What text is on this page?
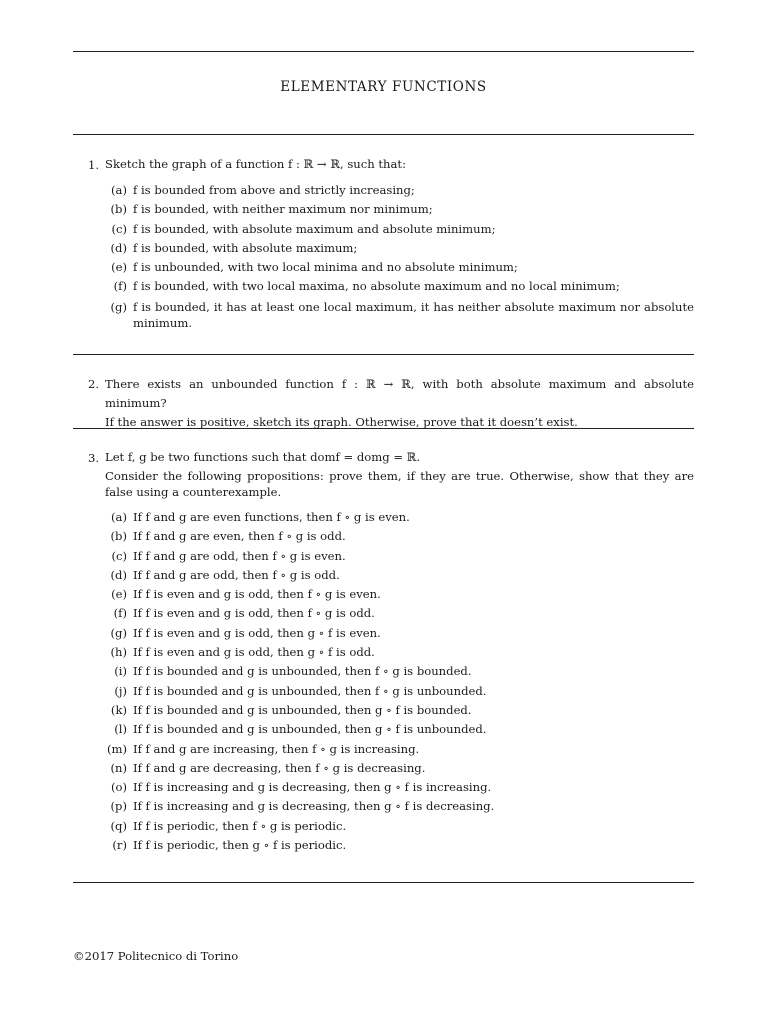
ELEMENTARY FUNCTIONS
1. Sketch the graph of a function f : ℝ → ℝ, such that:

(a) f is bounded from above and strictly increasing;
(b) f is bounded, with neither maximum nor minimum;
(c) f is bounded, with absolute maximum and absolute minimum;
(d) f is bounded, with absolute maximum;
(e) f is unbounded, with two local minima and no absolute minimum;
(f) f is bounded, with two local maxima, no absolute maximum and no local minimum;
(g) f is bounded, it has at least one local maximum, it has neither absolute maximum nor absolute minimum.
2. There exists an unbounded function f : ℝ → ℝ, with both absolute maximum and absolute minimum?

If the answer is positive, sketch its graph. Otherwise, prove that it doesn’t exist.

3. Let f, g be two functions such that domf = domg = ℝ.

Consider the following propositions: prove them, if they are true. Otherwise, show that they are false using a counterexample.

(a) If f and g are even functions, then f ∘ g is even.
(b) If f and g are even, then f ∘ g is odd.
(c) If f and g are odd, then f ∘ g is even.
(d) If f and g are odd, then f ∘ g is odd.
(e) If f is even and g is odd, then f ∘ g is even.
(f) If f is even and g is odd, then f ∘ g is odd.
(g) If f is even and g is odd, then g ∘ f is even.
(h) If f is even and g is odd, then g ∘ f is odd.
(i) If f is bounded and g is unbounded, then f ∘ g is bounded.
(j) If f is bounded and g is unbounded, then f ∘ g is unbounded.
(k) If f is bounded and g is unbounded, then g ∘ f is bounded.
(l) If f is bounded and g is unbounded, then g ∘ f is unbounded.
(m) If f and g are increasing, then f ∘ g is increasing.
(n) If f and g are decreasing, then f ∘ g is decreasing.
(o) If f is increasing and g is decreasing, then g ∘ f is increasing.
(p) If f is increasing and g is decreasing, then g ∘ f is decreasing.
(q) If f is periodic, then f ∘ g is periodic.
(r) If f is periodic, then g ∘ f is periodic.
©2017 Politecnico di Torino
